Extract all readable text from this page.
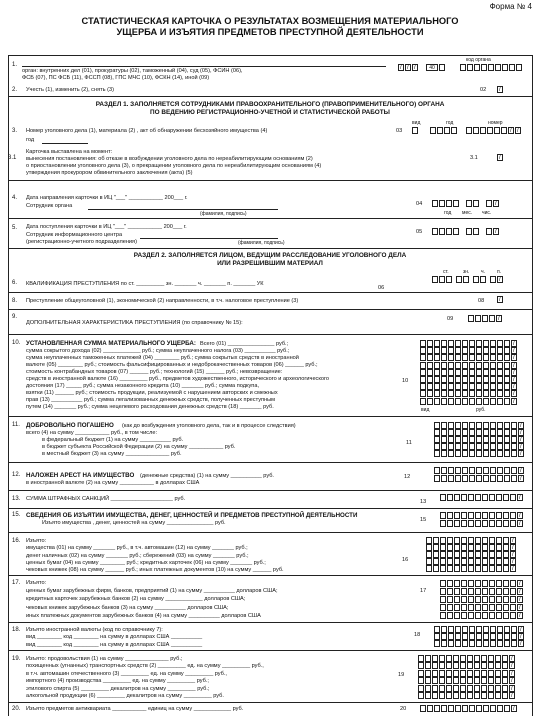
Форма № 4
СТАТИСТИЧЕСКАЯ КАРТОЧКА О РЕЗУЛЬТАТАХ ВОЗМЕЩЕНИЯ МАТЕРИАЛЬНОГО
УЩЕРБА И ИЗЪЯТИЯ ПРЕДМЕТОВ ПРЕСТУПНОЙ ДЕЯТЕЛЬНОСТИ
1.
орган: внутренних дел (01), прокуратуры (02), таможенный (04), суд (05), ФСИН (06),
ФСБ (07), ПС ФСБ (11), ФССП (08), ГПС МЧС (10), ФСКН (14), иной (09)
код органа
/
/
/
40
2. Учесть (1), изменить (2), снять (3)	02
/
РАЗДЕЛ 1. ЗАПОЛНЯЕТСЯ СОТРУДНИКАМИ ПРАВООХРАНИТЕЛЬНОГО (ПРАВОПРИМЕНИТЕЛЬНОГО) ОРГАНА
ПО ВЕДЕНИЮ РЕГИСТРАЦИОННО-УЧЕТНОЙ И СТАТИСТИЧЕСКОЙ РАБОТЫ
вид	год	номер
3. Номер уголовного дела (1), материала (2) , акт об обнаружении бесхозяйного имущества (4)
год
03
/
/
3.1
Карточка выставлена на момент:
вынесения постановления: об отказе в возбуждении уголовного дела по нереабилитирующим основаниям (2)
о приостановлении уголовного дела (3), о прекращении уголовного дела по нереабилитирующим основаниям (4)
утверждения прокурором обвинительного заключения (акта) (5)
3.1
/
4. Дата направления карточки в ИЦ "___" ___________ 200___ г.
Сотрудник органа
(фамилия, подпись)
04
/
год мес. чис.
5. Дата поступления карточки в ИЦ "___" ___________ 200___ г.
Сотрудник информационного центра
(регистрационно-учетного подразделения)	(фамилия, подпись)
05
/
РАЗДЕЛ 2. ЗАПОЛНЯЕТСЯ ЛИЦОМ, ВЕДУЩИМ РАССЛЕДОВАНИЕ УГОЛОВНОГО ДЕЛА
ИЛИ РАЗРЕШИВШИМ МАТЕРИАЛ
ст.	зн. ч. п.
6. КВАЛИФИКАЦИЯ ПРЕСТУПЛЕНИЯ по ст. _________ зн. _______ ч. _______ п. _______ УК
06
/
8. Преступление общеуголовной (1), экономической (2) направленности, в т.ч. налоговое преступление (3)	08
/
9.
ДОПОЛНИТЕЛЬНАЯ ХАРАКТЕРИСТИКА ПРЕСТУПЛЕНИЯ (по справочнику № 15):
09
/
10. УСТАНОВЛЕННАЯ СУММА МАТЕРИАЛЬНОГО УЩЕРБА: Всего (01) _______________ руб.;
сумма сокрытого дохода (02) ____________ руб.; сумма неуплаченного налога (03) __________ руб.;
сумма неуплаченных таможенных платежей (04) ________ руб.; сумма сокрытых средств в иностранной
валюте (05) ________ руб.; стоимость фальсифицированных и недоброкачественных товаров (06) ______ руб.;
стоимость контрабандных товаров (07) ______ руб.; технологий (15) ______ руб.; невозвращение:
средств в иностранной валюте (16) _________ руб., предметов художественного, исторического и археологического
достояния (17) _____ руб.; сумма незаконного кредита (10) _______ руб.; сумма подкупа,
взятки (11) ______ руб.; стоимость продукции, реализуемой с нарушением авторских и смежных
прав (13) __________ руб.; сумма легализованных денежных средств, полученных преступным
путем (14) _______ руб.; сумма нецелевого расходования денежных средств (18) _______ руб.
10
/
/
/
/
/
/
/
/
/
вид	руб.
11. ДОБРОВОЛЬНО ПОГАШЕНО (как до возбуждения уголовного дела, так и в процессе следствия)
всего (4) на сумму ___________ руб., в том числе:
в федеральный бюджет (1) на сумму __________ руб.
в бюджет субъекта Российской Федерации (2) на сумму ___________ руб.
в местный бюджет (3) на сумму ______________ руб.
11
/
/
/
/
/
12. НАЛОЖЕН АРЕСТ НА ИМУЩЕСТВО (денежные средства) (1) на сумму __________ руб.
в иностранной валюте (2) на сумму ___________ в долларах США
12
/
/
13. СУММА ШТРАФНЫХ САНКЦИЙ ____________________ руб.	13
/
15. СВЕДЕНИЯ ОБ ИЗЪЯТИИ ИМУЩЕСТВА, ДЕНЕГ, ЦЕННОСТЕЙ И ПРЕДМЕТОВ ПРЕСТУПНОЙ ДЕЯТЕЛЬНОСТИ
Изъято имущества , денег, ценностей на сумму _______________ руб.	15
/
/
16. Изъято:
имущества (01) на сумму _______ руб., в т.ч. автомашин (12) на сумму _______ руб.;
денег наличных (02) на сумму _______ руб.; сбережений (03) на сумму _______ руб.;
ценных бумаг (04) на сумму ________ руб.; кредитных карточек (06) на сумму _______ руб.;
чековых книжек (08) на сумму ______ руб.; иных платежных документов (10) на сумму ______ руб.
16
/
/
/
/
/
17. Изъято:
ценных бумаг зарубежных фирм, банков, предприятий (1) на сумму __________ долларов США;
кредитных карточек зарубежных банков (2) на сумму ____________ долларов США;
чековых книжек зарубежных банков (3) на сумму __________ долларов США;
иных платежных документов зарубежных банков (4) на сумму __________ долларов США
17
/
/
/
/
/
18. Изъято иностранной валюты (код по справочнику 7):
вид ________ код ________ на сумму в долларах США __________
вид ________ код ________ на сумму в долларах США __________
18
/
/
/
19. Изъято: продовольствия (1) на сумму ______________ руб.;
похищенных (угнанных) транспортных средств (2) _________ ед. на сумму _________ руб.,
в т.ч. автомашин отечественного (3) _________ ед. на сумму _________ руб.,
импортного (4) производства _________ ед. на сумму _________ руб.;
этилового спирта (5) _________ декалитров на сумму _________ руб.;
алкогольной продукции (6) _________ декалитров на сумму _________ руб.
19
/
/
/
/
/
/
20. Изъято предметов антиквариата ___________ единиц на сумму ____________ руб.	20
/
